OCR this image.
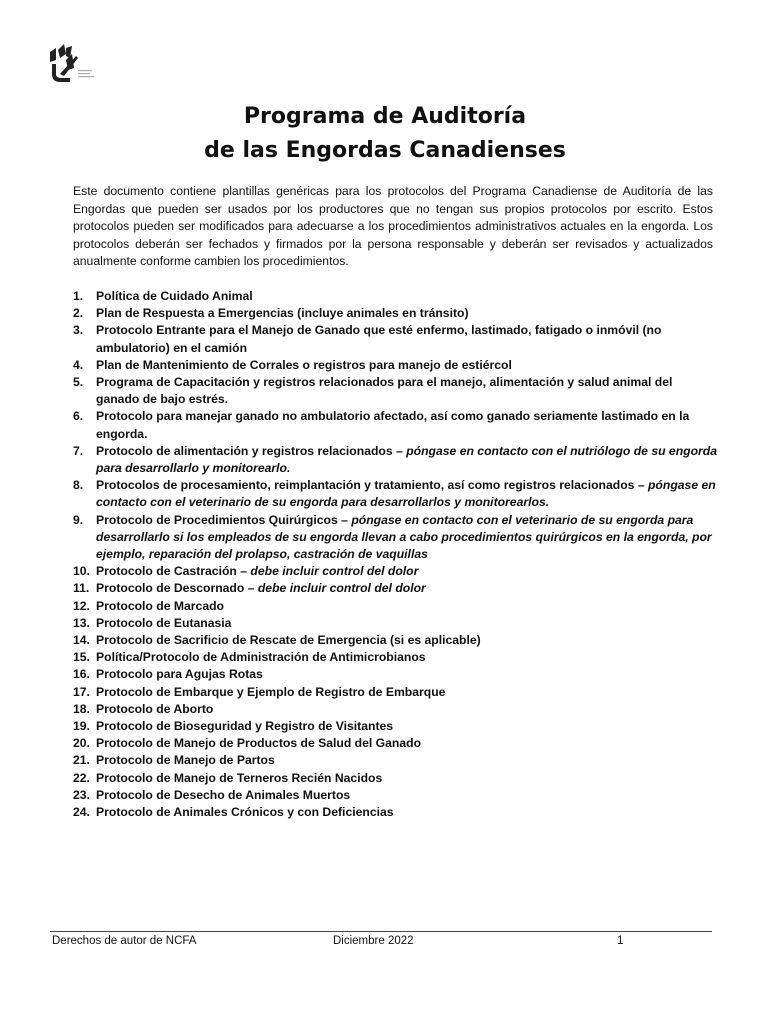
Programa de Auditoría
de las Engordas Canadienses

Este documento contiene plantillas genéricas para los protocolos del Programa Canadiense de Auditoría de las Engordas que pueden ser usados por los productores que no tengan sus propios protocolos por escrito. Estos protocolos pueden ser modificados para adecuarse a los procedimientos administrativos actuales en la engorda. Los protocolos deberán ser fechados y firmados por la persona responsable y deberán ser revisados y actualizados anualmente conforme cambien los procedimientos.

1. Política de Cuidado Animal
2. Plan de Respuesta a Emergencias (incluye animales en tránsito)
3. Protocolo Entrante para el Manejo de Ganado que esté enfermo, lastimado, fatigado o inmóvil (no ambulatorio) en el camión
4. Plan de Mantenimiento de Corrales o registros para manejo de estiércol
5. Programa de Capacitación y registros relacionados para el manejo, alimentación y salud animal del ganado de bajo estrés.
6. Protocolo para manejar ganado no ambulatorio afectado, así como ganado seriamente lastimado en la engorda.
7. Protocolo de alimentación y registros relacionados – póngase en contacto con el nutriólogo de su engorda para desarrollarlo y monitorearlo.
8. Protocolos de procesamiento, reimplantación y tratamiento, así como registros relacionados – póngase en contacto con el veterinario de su engorda para desarrollarlos y monitorearlos.
9. Protocolo de Procedimientos Quirúrgicos – póngase en contacto con el veterinario de su engorda para desarrollarlo si los empleados de su engorda llevan a cabo procedimientos quirúrgicos en la engorda, por ejemplo, reparación del prolapso, castración de vaquillas
10. Protocolo de Castración – debe incluir control del dolor
11. Protocolo de Descornado – debe incluir control del dolor
12. Protocolo de Marcado
13. Protocolo de Eutanasia
14. Protocolo de Sacrificio de Rescate de Emergencia (si es aplicable)
15. Política/Protocolo de Administración de Antimicrobianos
16. Protocolo para Agujas Rotas
17. Protocolo de Embarque y Ejemplo de Registro de Embarque
18. Protocolo de Aborto
19. Protocolo de Bioseguridad y Registro de Visitantes
20. Protocolo de Manejo de Productos de Salud del Ganado
21. Protocolo de Manejo de Partos
22. Protocolo de Manejo de Terneros Recién Nacidos
23. Protocolo de Desecho de Animales Muertos
24. Protocolo de Animales Crónicos y con Deficiencias
Derechos de autor de NCFA	Diciembre 2022	1
